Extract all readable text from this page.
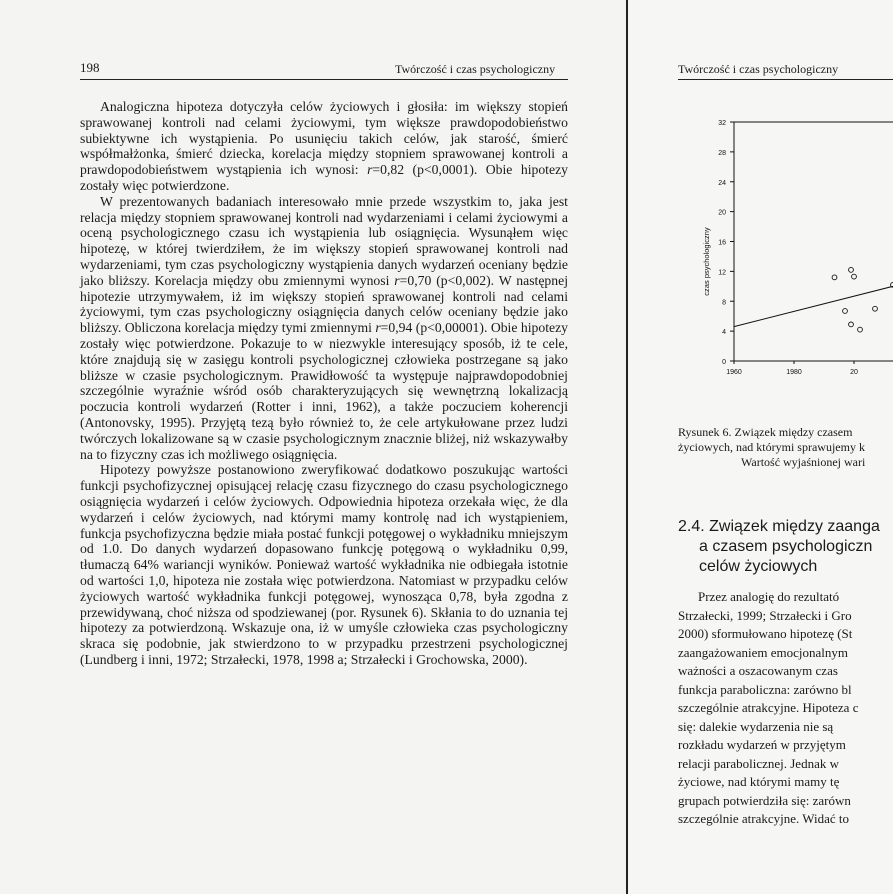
198	Twórczość i czas psychologiczny

Analogiczna hipoteza dotyczyła celów życiowych i głosiła: im większy stopień sprawowanej kontroli nad celami życiowymi, tym większe prawdopodobieństwo subiektywne ich wystąpienia. Po usunięciu takich celów, jak starość, śmierć współmałżonka, śmierć dziecka, korelacja między stopniem sprawowanej kontroli a prawdopodobieństwem wystąpienia ich wynosi: r=0,82 (p<0,0001). Obie hipotezy zostały więc potwierdzone.

W prezentowanych badaniach interesowało mnie przede wszystkim to, jaka jest relacja między stopniem sprawowanej kontroli nad wydarzeniami i celami życiowymi a oceną psychologicznego czasu ich wystąpienia lub osiągnięcia. Wysunąłem więc hipotezę, w której twierdziłem, że im większy stopień sprawowanej kontroli nad wydarzeniami, tym czas psychologiczny wystąpienia danych wydarzeń oceniany będzie jako bliższy. Korelacja między obu zmiennymi wynosi r=0,70 (p<0,002). W następnej hipotezie utrzymywałem, iż im większy stopień sprawowanej kontroli nad celami życiowymi, tym czas psychologiczny osiągnięcia danych celów oceniany będzie jako bliższy. Obliczona korelacja między tymi zmiennymi r=0,94 (p<0,00001). Obie hipotezy zostały więc potwierdzone. Pokazuje to w niezwykle interesujący sposób, iż te cele, które znajdują się w zasięgu kontroli psychologicznej człowieka postrzegane są jako bliższe w czasie psychologicznym. Prawidłowość ta występuje najprawdopodobniej szczególnie wyraźnie wśród osób charakteryzujących się wewnętrzną lokalizacją poczucia kontroli wydarzeń (Rotter i inni, 1962), a także poczuciem koherencji (Antonovsky, 1995). Przyjętą tezą było również to, że cele artykułowane przez ludzi twórczych lokalizowane są w czasie psychologicznym znacznie bliżej, niż wskazywałby na to fizyczny czas ich możliwego osiągnięcia.

Hipotezy powyższe postanowiono zweryfikować dodatkowo poszukując wartości funkcji psychofizycznej opisującej relację czasu fizycznego do czasu psychologicznego osiągnięcia wydarzeń i celów życiowych. Odpowiednia hipoteza orzekała więc, że dla wydarzeń i celów życiowych, nad którymi mamy kontrolę nad ich wystąpieniem, funkcja psychofizyczna będzie miała postać funkcji potęgowej o wykładniku mniejszym od 1.0. Do danych wydarzeń dopasowano funkcję potęgową o wykładniku 0,99, tłumaczą 64% wariancji wyników. Ponieważ wartość wykładnika nie odbiegała istotnie od wartości 1,0, hipoteza nie została więc potwierdzona. Natomiast w przypadku celów życiowych wartość wykładnika funkcji potęgowej, wynosząca 0,78, była zgodna z przewidywaną, choć niższa od spodziewanej (por. Rysunek 6). Skłania to do uznania tej hipotezy za potwierdzoną. Wskazuje ona, iż w umyśle człowieka czas psychologiczny skraca się podobnie, jak stwierdzono to w przypadku przestrzeni psychologicznej (Lundberg i inni, 1972; Strzałecki, 1978, 1998 a; Strzałecki i Grochowska, 2000).

Twórczość i czas psychologiczny
0
4
8
12
16
20
24
28
32
1960	1980	20
czas psychologiczny
Rysunek 6. Związek między czasem
życiowych, nad którymi sprawujemy k
Wartość wyjaśnionej wari
2.4. Związek między zaanga
a czasem psychologiczn
celów życiowych
Przez analogię do rezultató
Strzałecki, 1999; Strzałecki i Gro
2000) sformułowano hipotezę (St
zaangażowaniem emocjonalnym
ważności a oszacowanym czas
funkcja paraboliczna: zarówno bl
szczególnie atrakcyjne. Hipoteza c
się: dalekie wydarzenia nie są
rozkładu wydarzeń w przyjętym
relacji parabolicznej. Jednak w
życiowe, nad którymi mamy tę
grupach potwierdziła się: zarówn
szczególnie atrakcyjne. Widać to
